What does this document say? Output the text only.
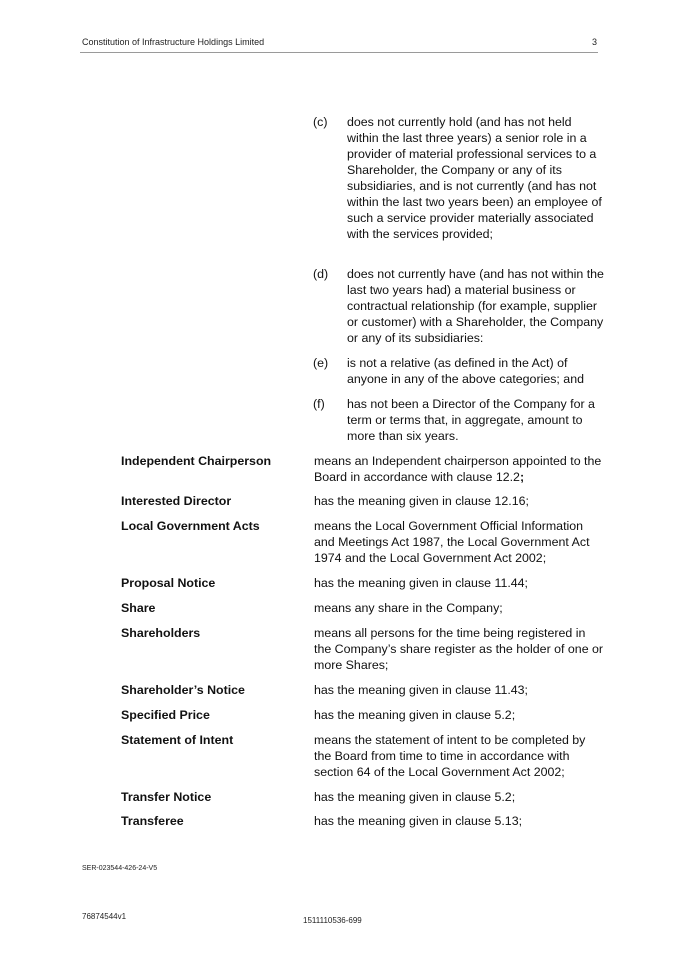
Constitution of Infrastructure Holdings Limited	3
(c) does not currently hold (and has not held within the last three years) a senior role in a provider of material professional services to a Shareholder, the Company or any of its subsidiaries, and is not currently (and has not within the last two years been) an employee of such a service provider materially associated with the services provided;
(d) does not currently have (and has not within the last two years had) a material business or contractual relationship (for example, supplier or customer) with a Shareholder, the Company or any of its subsidiaries:
(e) is not a relative (as defined in the Act) of anyone in any of the above categories; and
(f) has not been a Director of the Company for a term or terms that, in aggregate, amount to more than six years.
Independent Chairperson	means an Independent chairperson appointed to the Board in accordance with clause 12.2;
Interested Director	has the meaning given in clause 12.16;
Local Government Acts	means the Local Government Official Information and Meetings Act 1987, the Local Government Act 1974 and the Local Government Act 2002;
Proposal Notice	has the meaning given in clause 11.44;
Share	means any share in the Company;
Shareholders	means all persons for the time being registered in the Company’s share register as the holder of one or more Shares;
Shareholder’s Notice	has the meaning given in clause 11.43;
Specified Price	has the meaning given in clause 5.2;
Statement of Intent	means the statement of intent to be completed by the Board from time to time in accordance with section 64 of the Local Government Act 2002;
Transfer Notice	has the meaning given in clause 5.2;
Transferee	has the meaning given in clause 5.13;
SER-023544-426-24-V5
76874544v1	1511110536-699
